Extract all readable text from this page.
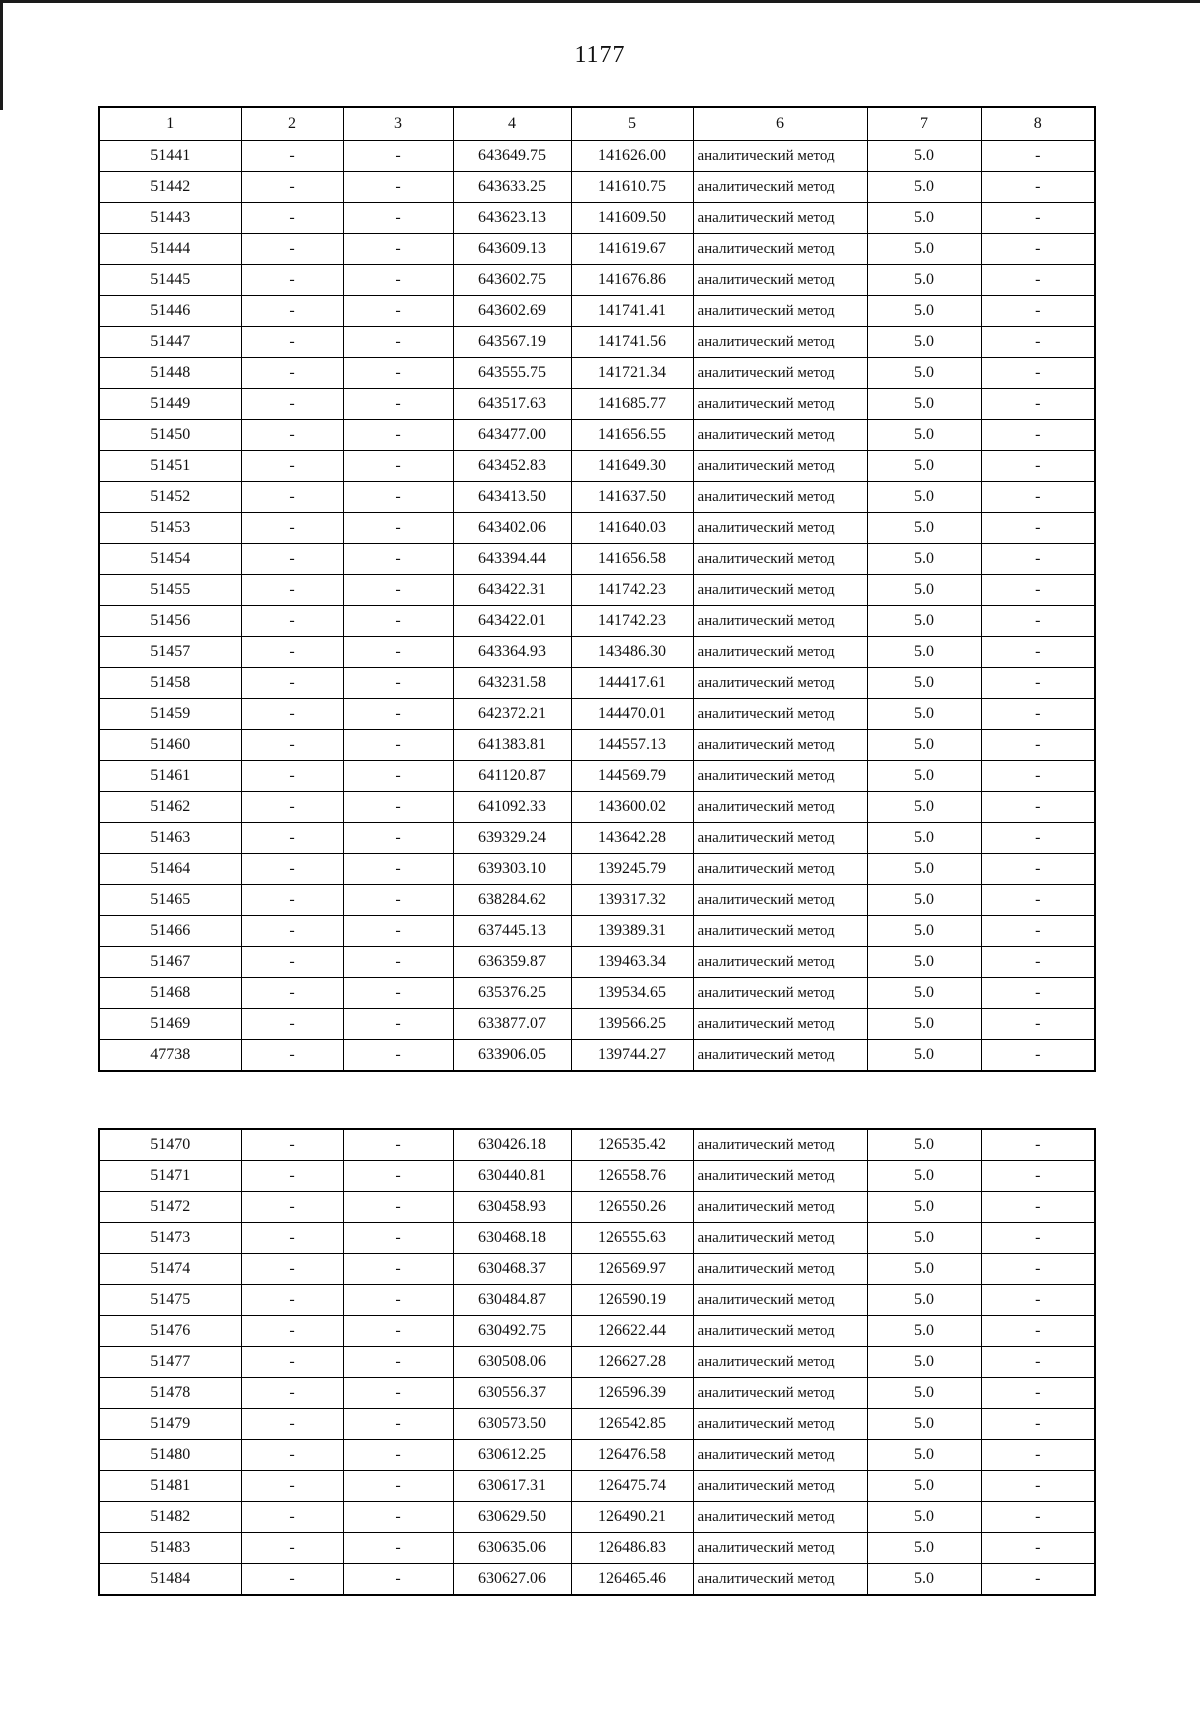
1177
1	2	3	4	5	6	7	8
51441	-	-	643649.75	141626.00	аналитический метод	5.0	-
51442	-	-	643633.25	141610.75	аналитический метод	5.0	-
51443	-	-	643623.13	141609.50	аналитический метод	5.0	-
51444	-	-	643609.13	141619.67	аналитический метод	5.0	-
51445	-	-	643602.75	141676.86	аналитический метод	5.0	-
51446	-	-	643602.69	141741.41	аналитический метод	5.0	-
51447	-	-	643567.19	141741.56	аналитический метод	5.0	-
51448	-	-	643555.75	141721.34	аналитический метод	5.0	-
51449	-	-	643517.63	141685.77	аналитический метод	5.0	-
51450	-	-	643477.00	141656.55	аналитический метод	5.0	-
51451	-	-	643452.83	141649.30	аналитический метод	5.0	-
51452	-	-	643413.50	141637.50	аналитический метод	5.0	-
51453	-	-	643402.06	141640.03	аналитический метод	5.0	-
51454	-	-	643394.44	141656.58	аналитический метод	5.0	-
51455	-	-	643422.31	141742.23	аналитический метод	5.0	-
51456	-	-	643422.01	141742.23	аналитический метод	5.0	-
51457	-	-	643364.93	143486.30	аналитический метод	5.0	-
51458	-	-	643231.58	144417.61	аналитический метод	5.0	-
51459	-	-	642372.21	144470.01	аналитический метод	5.0	-
51460	-	-	641383.81	144557.13	аналитический метод	5.0	-
51461	-	-	641120.87	144569.79	аналитический метод	5.0	-
51462	-	-	641092.33	143600.02	аналитический метод	5.0	-
51463	-	-	639329.24	143642.28	аналитический метод	5.0	-
51464	-	-	639303.10	139245.79	аналитический метод	5.0	-
51465	-	-	638284.62	139317.32	аналитический метод	5.0	-
51466	-	-	637445.13	139389.31	аналитический метод	5.0	-
51467	-	-	636359.87	139463.34	аналитический метод	5.0	-
51468	-	-	635376.25	139534.65	аналитический метод	5.0	-
51469	-	-	633877.07	139566.25	аналитический метод	5.0	-
47738	-	-	633906.05	139744.27	аналитический метод	5.0	-
51470	-	-	630426.18	126535.42	аналитический метод	5.0	-
51471	-	-	630440.81	126558.76	аналитический метод	5.0	-
51472	-	-	630458.93	126550.26	аналитический метод	5.0	-
51473	-	-	630468.18	126555.63	аналитический метод	5.0	-
51474	-	-	630468.37	126569.97	аналитический метод	5.0	-
51475	-	-	630484.87	126590.19	аналитический метод	5.0	-
51476	-	-	630492.75	126622.44	аналитический метод	5.0	-
51477	-	-	630508.06	126627.28	аналитический метод	5.0	-
51478	-	-	630556.37	126596.39	аналитический метод	5.0	-
51479	-	-	630573.50	126542.85	аналитический метод	5.0	-
51480	-	-	630612.25	126476.58	аналитический метод	5.0	-
51481	-	-	630617.31	126475.74	аналитический метод	5.0	-
51482	-	-	630629.50	126490.21	аналитический метод	5.0	-
51483	-	-	630635.06	126486.83	аналитический метод	5.0	-
51484	-	-	630627.06	126465.46	аналитический метод	5.0	-
